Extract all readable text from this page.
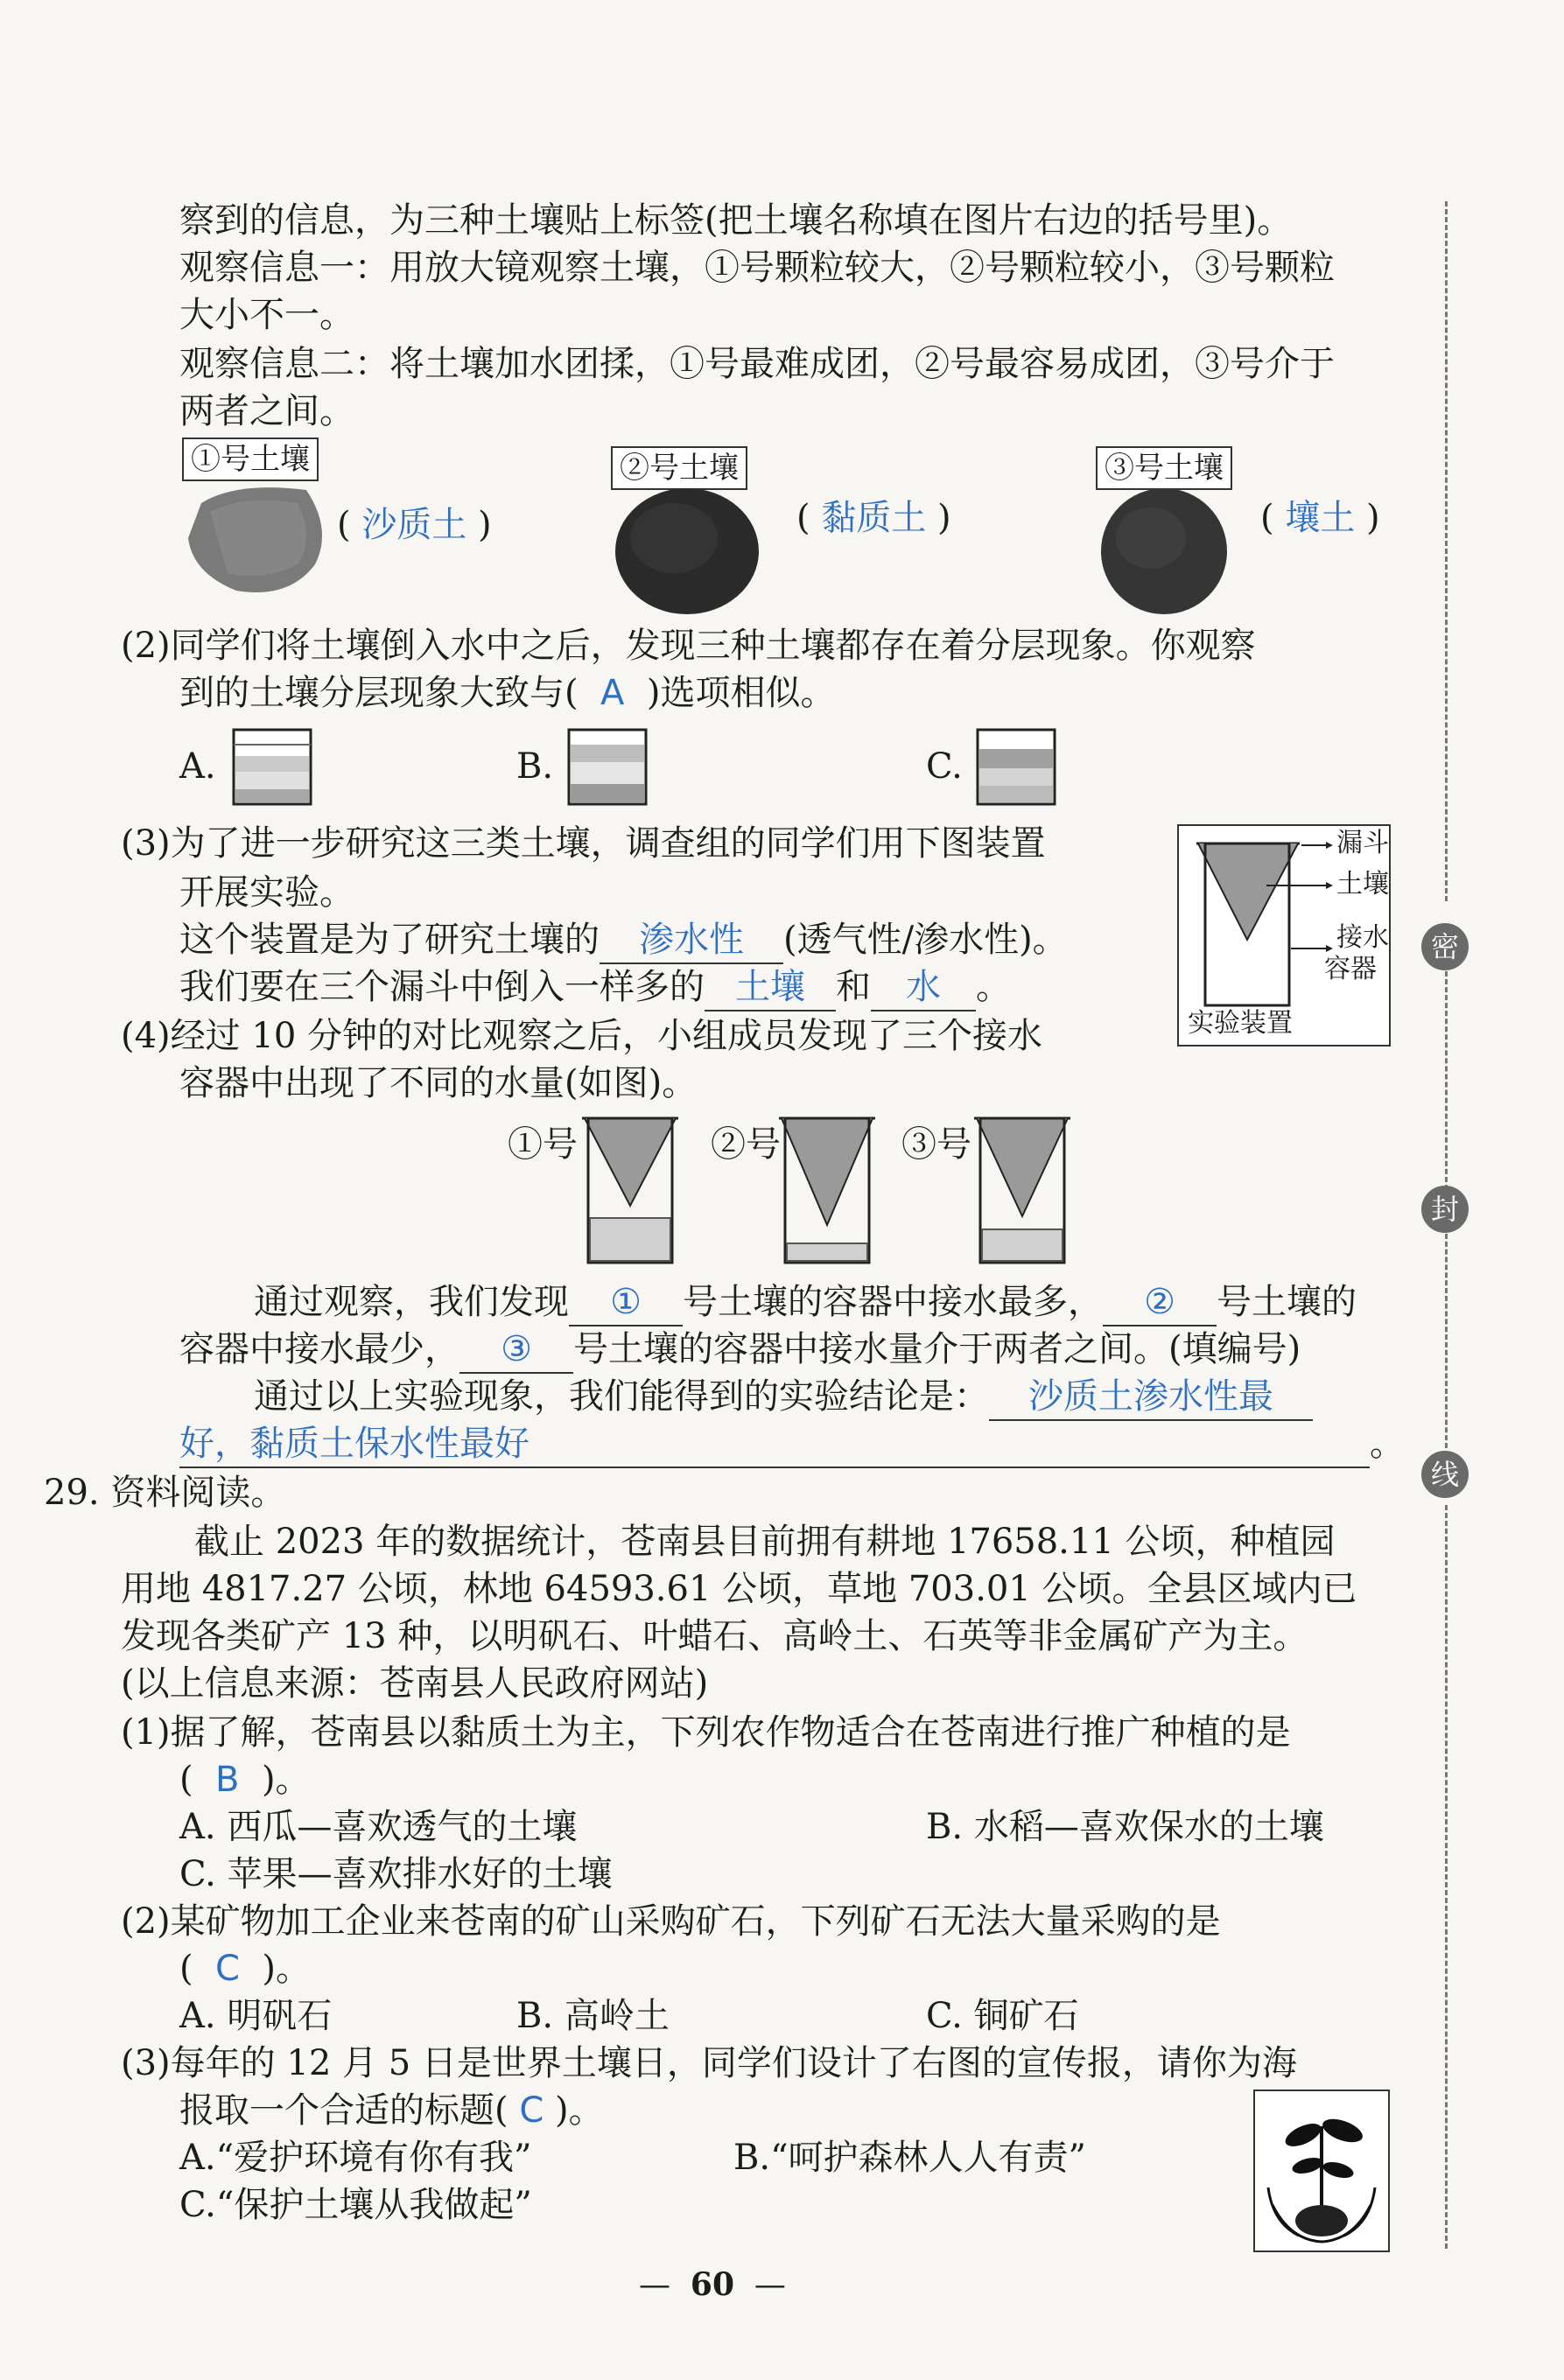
察到的信息，为三种土壤贴上标签(把土壤名称填在图片右边的括号里)。
观察信息一：用放大镜观察土壤，①号颗粒较大，②号颗粒较小，③号颗粒
大小不一。
观察信息二：将土壤加水团揉，①号最难成团，②号最容易成团，③号介于
两者之间。
①号土壤
( 沙质土 )
②号土壤
( 黏质土 )
③号土壤
( 壤土 )
(2)同学们将土壤倒入水中之后，发现三种土壤都存在着分层现象。你观察
到的土壤分层现象大致与( A )选项相似。
A.	B.	C.
(3)为了进一步研究这三类土壤，调查组的同学们用下图装置
开展实验。
这个装置是为了研究土壤的 渗水性 (透气性/渗水性)。
我们要在三个漏斗中倒入一样多的 土壤 和 水 。
漏斗
土壤
接水
容器
实验装置
(4)经过 10 分钟的对比观察之后，小组成员发现了三个接水
容器中出现了不同的水量(如图)。
①号	②号	③号
通过观察，我们发现 ① 号土壤的容器中接水最多， ② 号土壤的
容器中接水最少， ③ 号土壤的容器中接水量介于两者之间。(填编号)
通过以上实验现象，我们能得到的实验结论是： 沙质土渗水性最
好，黏质土保水性最好	。
29. 资料阅读。
截止 2023 年的数据统计，苍南县目前拥有耕地 17658.11 公顷，种植园
用地 4817.27 公顷，林地 64593.61 公顷，草地 703.01 公顷。全县区域内已
发现各类矿产 13 种，以明矾石、叶蜡石、高岭土、石英等非金属矿产为主。
(以上信息来源：苍南县人民政府网站)
(1)据了解，苍南县以黏质土为主，下列农作物适合在苍南进行推广种植的是
( B )。
A. 西瓜—喜欢透气的土壤	B. 水稻—喜欢保水的土壤
C. 苹果—喜欢排水好的土壤
(2)某矿物加工企业来苍南的矿山采购矿石，下列矿石无法大量采购的是
( C )。
A. 明矾石	B. 高岭土	C. 铜矿石
(3)每年的 12 月 5 日是世界土壤日，同学们设计了右图的宣传报，请你为海
报取一个合适的标题( C )。
A.“爱护环境有你有我”	B.“呵护森林人人有责”
C.“保护土壤从我做起”
—  60  —
密
封
线
